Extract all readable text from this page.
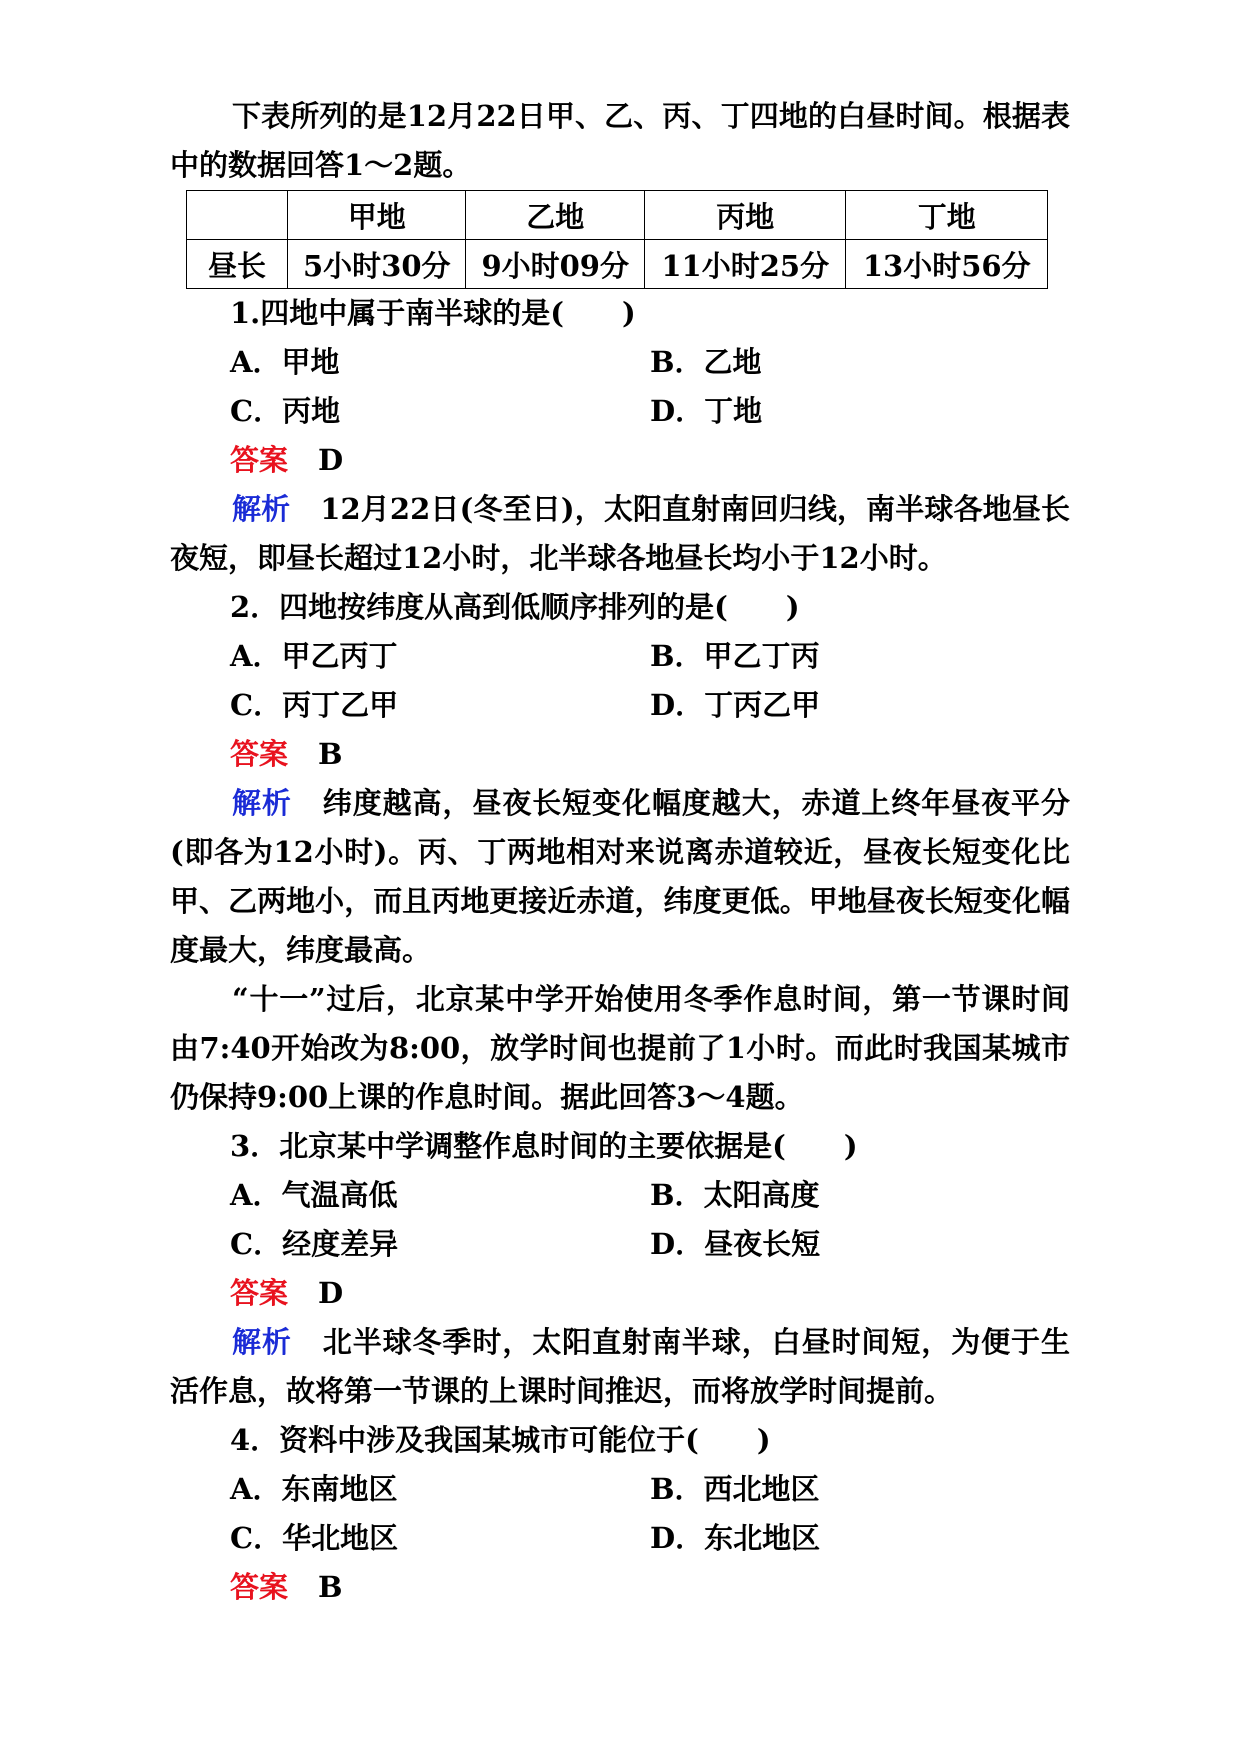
下表所列的是12月22日甲、乙、丙、丁四地的白昼时间。根据表中的数据回答1～2题。

	甲地	乙地	丙地	丁地
昼长	5小时30分	9小时09分	11小时25分	13小时56分
1.四地中属于南半球的是(　　)
A．甲地	B．乙地
C．丙地	D．丁地
答案 D

解析 12月22日(冬至日)，太阳直射南回归线，南半球各地昼长夜短，即昼长超过12小时，北半球各地昼长均小于12小时。

2．四地按纬度从高到低顺序排列的是(　　)
A．甲乙丙丁	B．甲乙丁丙
C．丙丁乙甲	D．丁丙乙甲
答案 B

解析 纬度越高，昼夜长短变化幅度越大，赤道上终年昼夜平分(即各为12小时)。丙、丁两地相对来说离赤道较近，昼夜长短变化比甲、乙两地小，而且丙地更接近赤道，纬度更低。甲地昼夜长短变化幅度最大，纬度最高。

“十一”过后，北京某中学开始使用冬季作息时间，第一节课时间由7:40开始改为8:00，放学时间也提前了1小时。而此时我国某城市仍保持9:00上课的作息时间。据此回答3～4题。

3．北京某中学调整作息时间的主要依据是(　　)
A．气温高低	B．太阳高度
C．经度差异	D．昼夜长短
答案 D

解析 北半球冬季时，太阳直射南半球，白昼时间短，为便于生活作息，故将第一节课的上课时间推迟，而将放学时间提前。

4．资料中涉及我国某城市可能位于(　　)
A．东南地区	B．西北地区
C．华北地区	D．东北地区
答案 B
